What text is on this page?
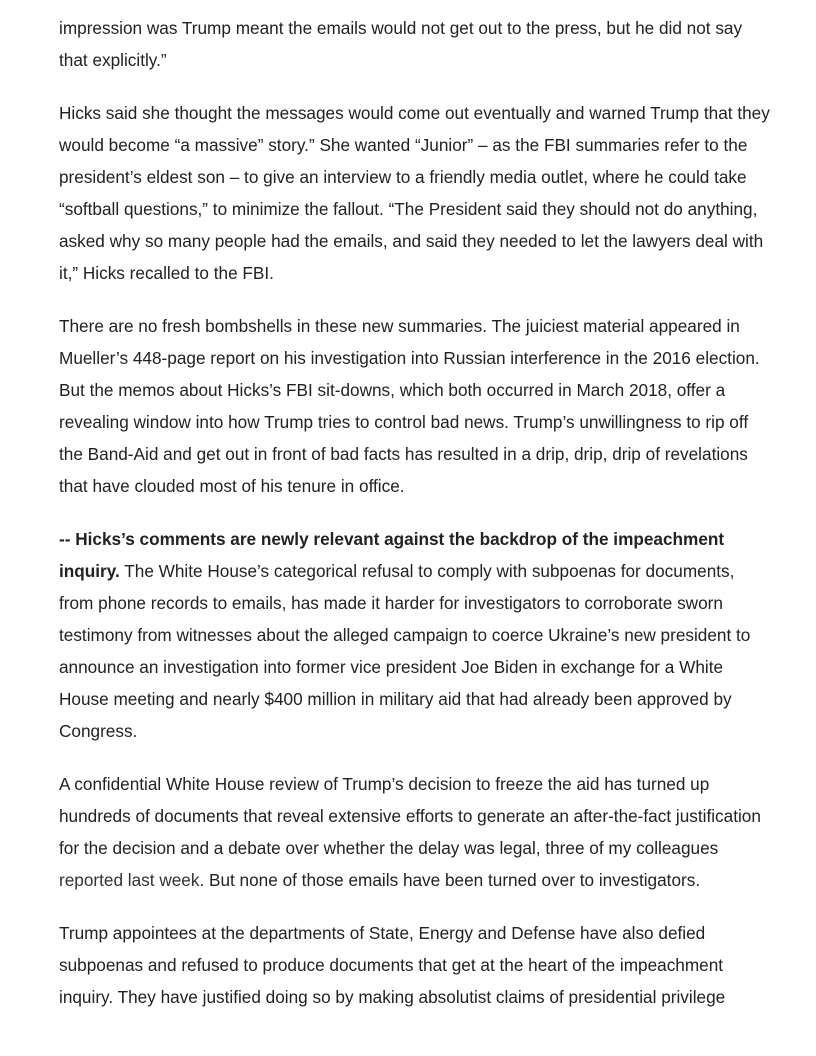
impression was Trump meant the emails would not get out to the press, but he did not say that explicitly.”

Hicks said she thought the messages would come out eventually and warned Trump that they would become “a massive” story.” She wanted “Junior” – as the FBI summaries refer to the president’s eldest son – to give an interview to a friendly media outlet, where he could take “softball questions,” to minimize the fallout. “The President said they should not do anything, asked why so many people had the emails, and said they needed to let the lawyers deal with it,” Hicks recalled to the FBI.

There are no fresh bombshells in these new summaries. The juiciest material appeared in Mueller’s 448-page report on his investigation into Russian interference in the 2016 election. But the memos about Hicks’s FBI sit-downs, which both occurred in March 2018, offer a revealing window into how Trump tries to control bad news. Trump’s unwillingness to rip off the Band-Aid and get out in front of bad facts has resulted in a drip, drip, drip of revelations that have clouded most of his tenure in office.

-- Hicks’s comments are newly relevant against the backdrop of the impeachment inquiry. The White House’s categorical refusal to comply with subpoenas for documents, from phone records to emails, has made it harder for investigators to corroborate sworn testimony from witnesses about the alleged campaign to coerce Ukraine’s new president to announce an investigation into former vice president Joe Biden in exchange for a White House meeting and nearly $400 million in military aid that had already been approved by Congress.

A confidential White House review of Trump’s decision to freeze the aid has turned up hundreds of documents that reveal extensive efforts to generate an after-the-fact justification for the decision and a debate over whether the delay was legal, three of my colleagues reported last week. But none of those emails have been turned over to investigators.

Trump appointees at the departments of State, Energy and Defense have also defied subpoenas and refused to produce documents that get at the heart of the impeachment inquiry. They have justified doing so by making absolutist claims of presidential privilege
